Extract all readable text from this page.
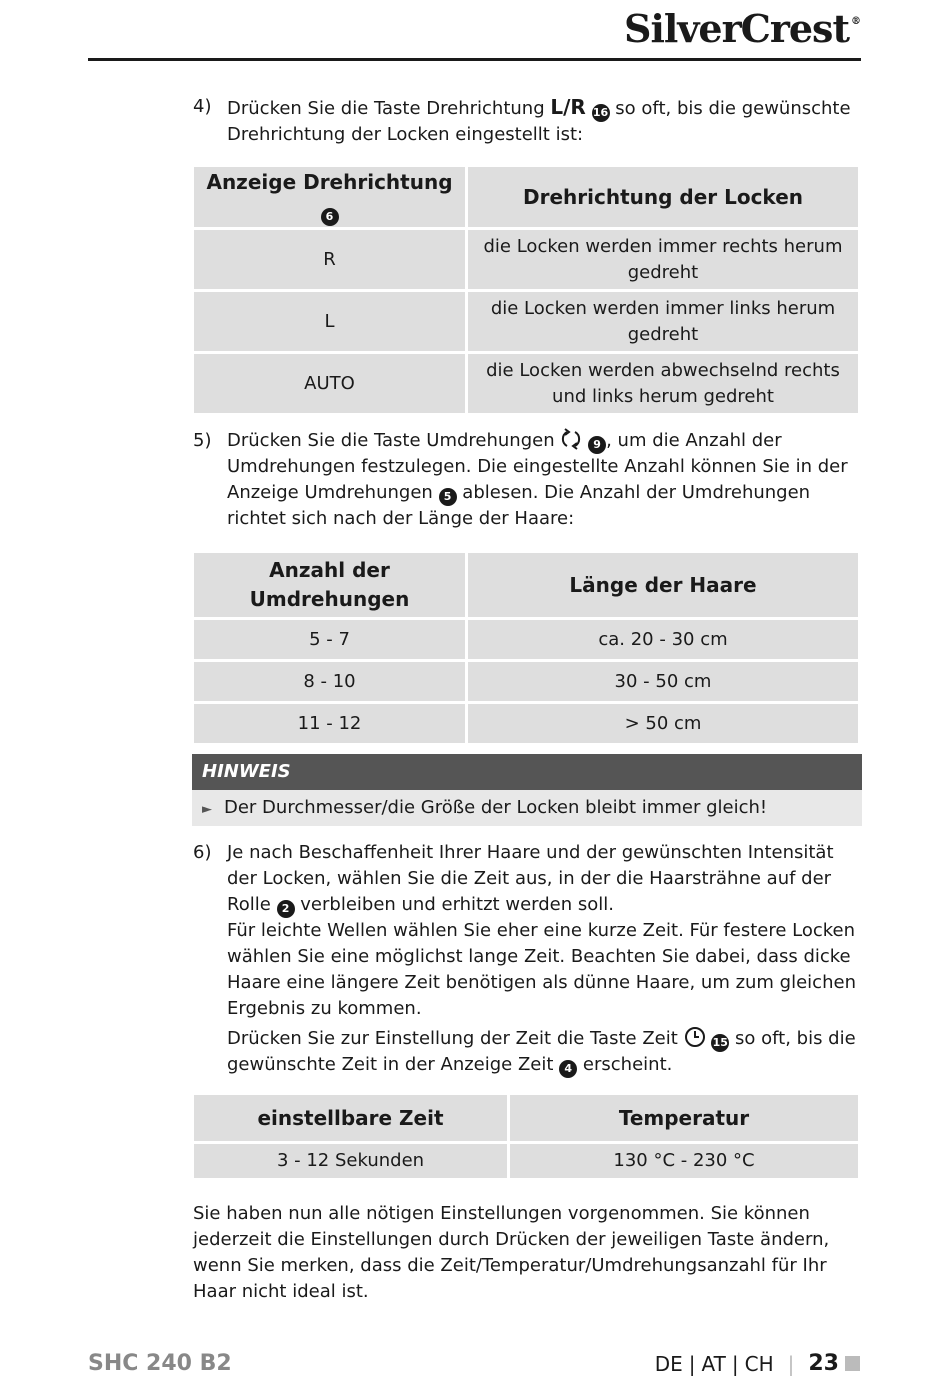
SilverCrest ®
4) Drücken Sie die Taste Drehrichtung L/R 16 so oft, bis die gewünschte Drehrichtung der Locken eingestellt ist:

Anzeige Drehrichtung 6	Drehrichtung der Locken
R	die Locken werden immer rechts herum gedreht
L	die Locken werden immer links herum gedreht
AUTO	die Locken werden abwechselnd rechts und links herum gedreht
5) Drücken Sie die Taste Umdrehungen	9 , um die Anzahl der Umdrehungen festzulegen. Die eingestellte Anzahl können Sie in der Anzeige Umdrehungen 5 ablesen. Die Anzahl der Umdrehungen richtet sich nach der Länge der Haare:

Anzahl der Umdrehungen	Länge der Haare
5 - 7	ca. 20 - 30 cm
8 - 10	30 - 50 cm
11 - 12	> 50 cm
HINWEIS
► Der Durchmesser/die Größe der Locken bleibt immer gleich!
6) Je nach Beschaffenheit Ihrer Haare und der gewünschten Intensität der Locken, wählen Sie die Zeit aus, in der die Haarsträhne auf der Rolle 2 verbleiben und erhitzt werden soll.

Für leichte Wellen wählen Sie eher eine kurze Zeit. Für festere Locken wählen Sie eine möglichst lange Zeit. Beachten Sie dabei, dass dicke Haare eine längere Zeit benötigen als dünne Haare, um zum gleichen Ergebnis zu kommen.

Drücken Sie zur Einstellung der Zeit die Taste Zeit	15 so oft, bis die gewünschte Zeit in der Anzeige Zeit 4 erscheint.

einstellbare Zeit	Temperatur
3 - 12 Sekunden	130 °C - 230 °C

Sie haben nun alle nötigen Einstellungen vorgenommen. Sie können jederzeit die Einstellungen durch Drücken der jeweiligen Taste ändern, wenn Sie merken, dass die Zeit/Temperatur/Umdrehungsanzahl für Ihr Haar nicht ideal ist.

SHC 240 B2	DE | AT | CH | 23
